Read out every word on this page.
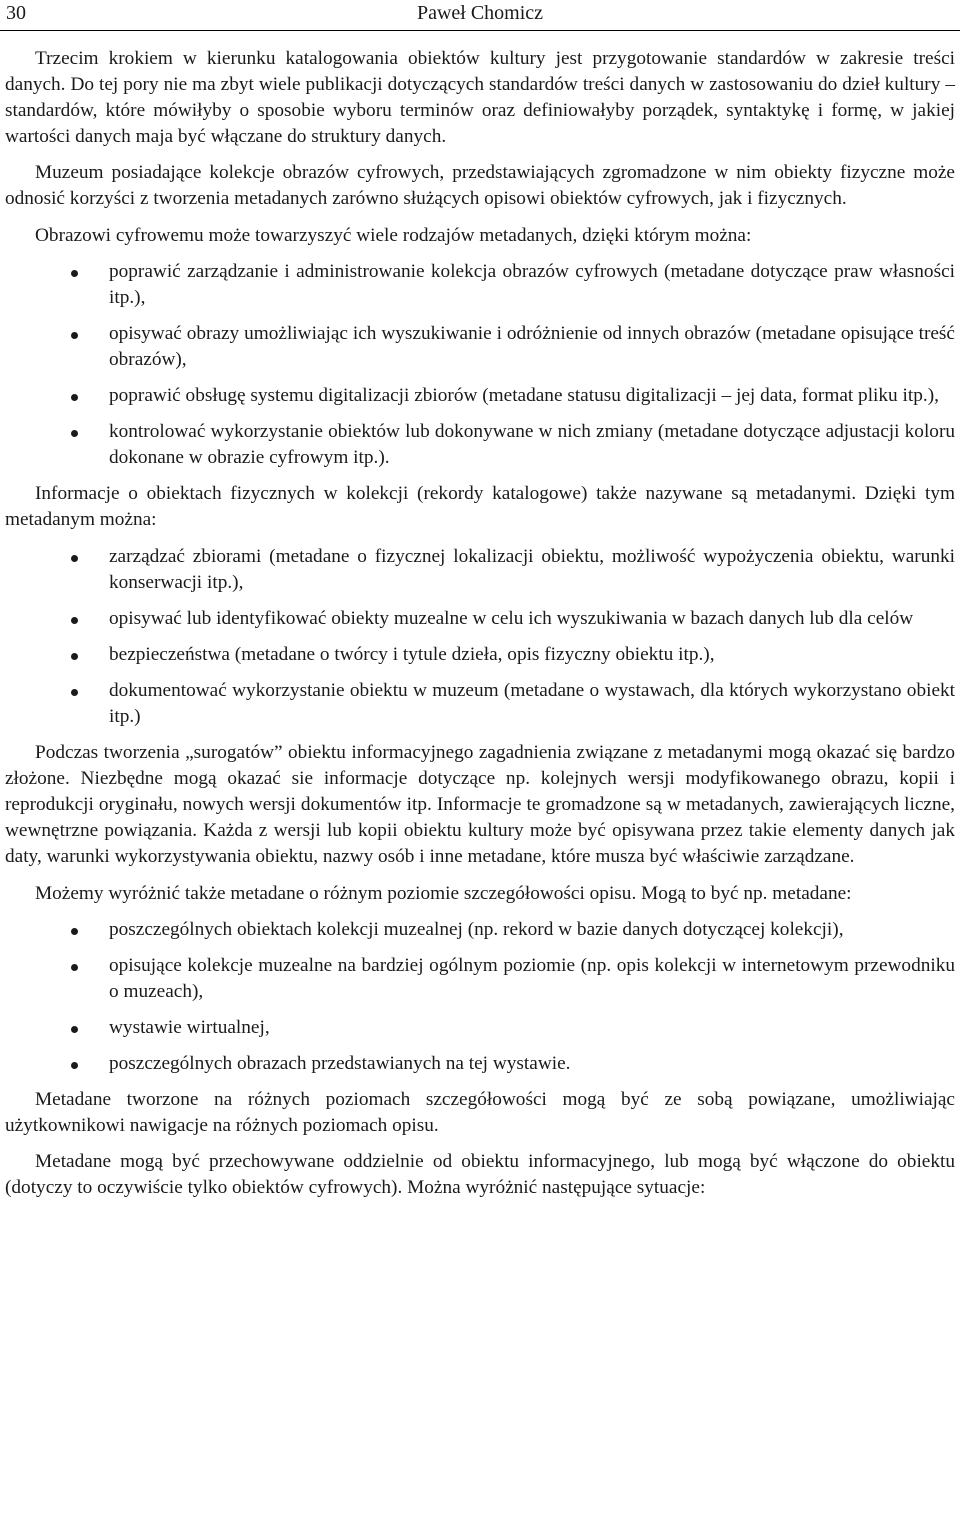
30	Paweł Chomicz

Trzecim krokiem w kierunku katalogowania obiektów kultury jest przygotowanie standardów w zakresie treści danych. Do tej pory nie ma zbyt wiele publikacji dotyczących standardów treści danych w zastosowaniu do dzieł kultury – standardów, które mówiłyby o sposobie wyboru terminów oraz definiowałyby porządek, syntaktykę i formę, w jakiej wartości danych maja być włączane do struktury danych.

Muzeum posiadające kolekcje obrazów cyfrowych, przedstawiających zgromadzone w nim obiekty fizyczne może odnosić korzyści z tworzenia metadanych zarówno służących opisowi obiektów cyfrowych, jak i fizycznych.

Obrazowi cyfrowemu może towarzyszyć wiele rodzajów metadanych, dzięki którym można:

poprawić zarządzanie i administrowanie kolekcja obrazów cyfrowych (metadane dotyczące praw własności itp.),
opisywać obrazy umożliwiając ich wyszukiwanie i odróżnienie od innych obrazów (metadane opisujące treść obrazów),
poprawić obsługę systemu digitalizacji zbiorów (metadane statusu digitalizacji – jej data, format pliku itp.),
kontrolować wykorzystanie obiektów lub dokonywane w nich zmiany (metadane dotyczące adjustacji koloru dokonane w obrazie cyfrowym itp.).

Informacje o obiektach fizycznych w kolekcji (rekordy katalogowe) także nazywane są metadanymi. Dzięki tym metadanym można:

zarządzać zbiorami (metadane o fizycznej lokalizacji obiektu, możliwość wypożyczenia obiektu, warunki konserwacji itp.),
opisywać lub identyfikować obiekty muzealne w celu ich wyszukiwania w bazach danych lub dla celów
bezpieczeństwa (metadane o twórcy i tytule dzieła, opis fizyczny obiektu itp.),
dokumentować wykorzystanie obiektu w muzeum (metadane o wystawach, dla których wykorzystano obiekt itp.)

Podczas tworzenia „surogatów” obiektu informacyjnego zagadnienia związane z metadanymi mogą okazać się bardzo złożone. Niezbędne mogą okazać sie informacje dotyczące np. kolejnych wersji modyfikowanego obrazu, kopii i reprodukcji oryginału, nowych wersji dokumentów itp. Informacje te gromadzone są w metadanych, zawierających liczne, wewnętrzne powiązania. Każda z wersji lub kopii obiektu kultury może być opisywana przez takie elementy danych jak daty, warunki wykorzystywania obiektu, nazwy osób i inne metadane, które musza być właściwie zarządzane.

Możemy wyróżnić także metadane o różnym poziomie szczegółowości opisu. Mogą to być np. metadane:

poszczególnych obiektach kolekcji muzealnej (np. rekord w bazie danych dotyczącej kolekcji),
opisujące kolekcje muzealne na bardziej ogólnym poziomie (np. opis kolekcji w internetowym przewodniku o muzeach),
wystawie wirtualnej,
poszczególnych obrazach przedstawianych na tej wystawie.

Metadane tworzone na różnych poziomach szczegółowości mogą być ze sobą powiązane, umożliwiając użytkownikowi nawigacje na różnych poziomach opisu.

Metadane mogą być przechowywane oddzielnie od obiektu informacyjnego, lub mogą być włączone do obiektu (dotyczy to oczywiście tylko obiektów cyfrowych). Można wyróżnić następujące sytuacje:
